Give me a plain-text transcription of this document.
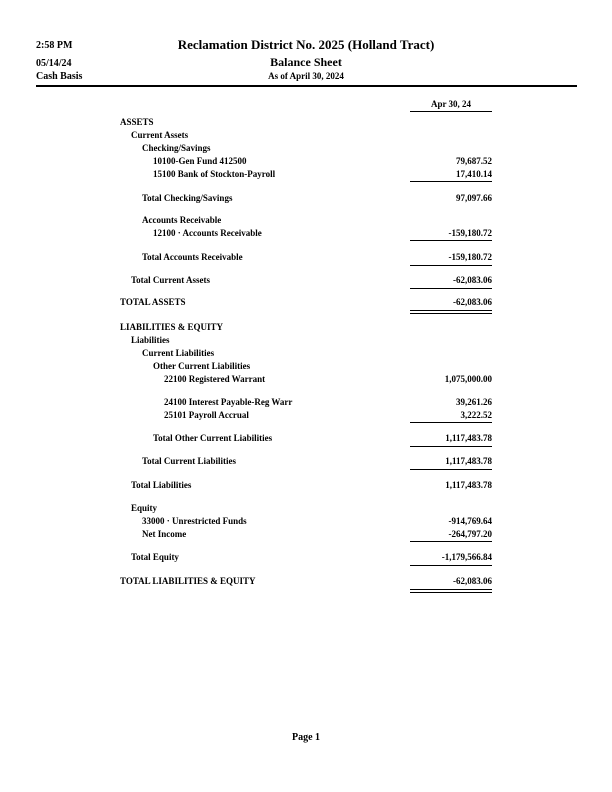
2:58 PM
05/14/24
Cash Basis
Reclamation District No. 2025 (Holland Tract)
Balance Sheet
As of April 30, 2024
Apr 30, 24
ASSETS
Current Assets
Checking/Savings
10100-Gen Fund 412500	79,687.52
15100 Bank of Stockton-Payroll	17,410.14
Total Checking/Savings	97,097.66
Accounts Receivable
12100 · Accounts Receivable	-159,180.72
Total Accounts Receivable	-159,180.72
Total Current Assets	-62,083.06
TOTAL ASSETS	-62,083.06
LIABILITIES & EQUITY
Liabilities
Current Liabilities
Other Current Liabilities
22100 Registered Warrant	1,075,000.00
24100 Interest Payable-Reg Warr	39,261.26
25101 Payroll Accrual	3,222.52
Total Other Current Liabilities	1,117,483.78
Total Current Liabilities	1,117,483.78
Total Liabilities	1,117,483.78
Equity
33000 · Unrestricted Funds	-914,769.64
Net Income	-264,797.20
Total Equity	-1,179,566.84
TOTAL LIABILITIES & EQUITY	-62,083.06
Page 1
